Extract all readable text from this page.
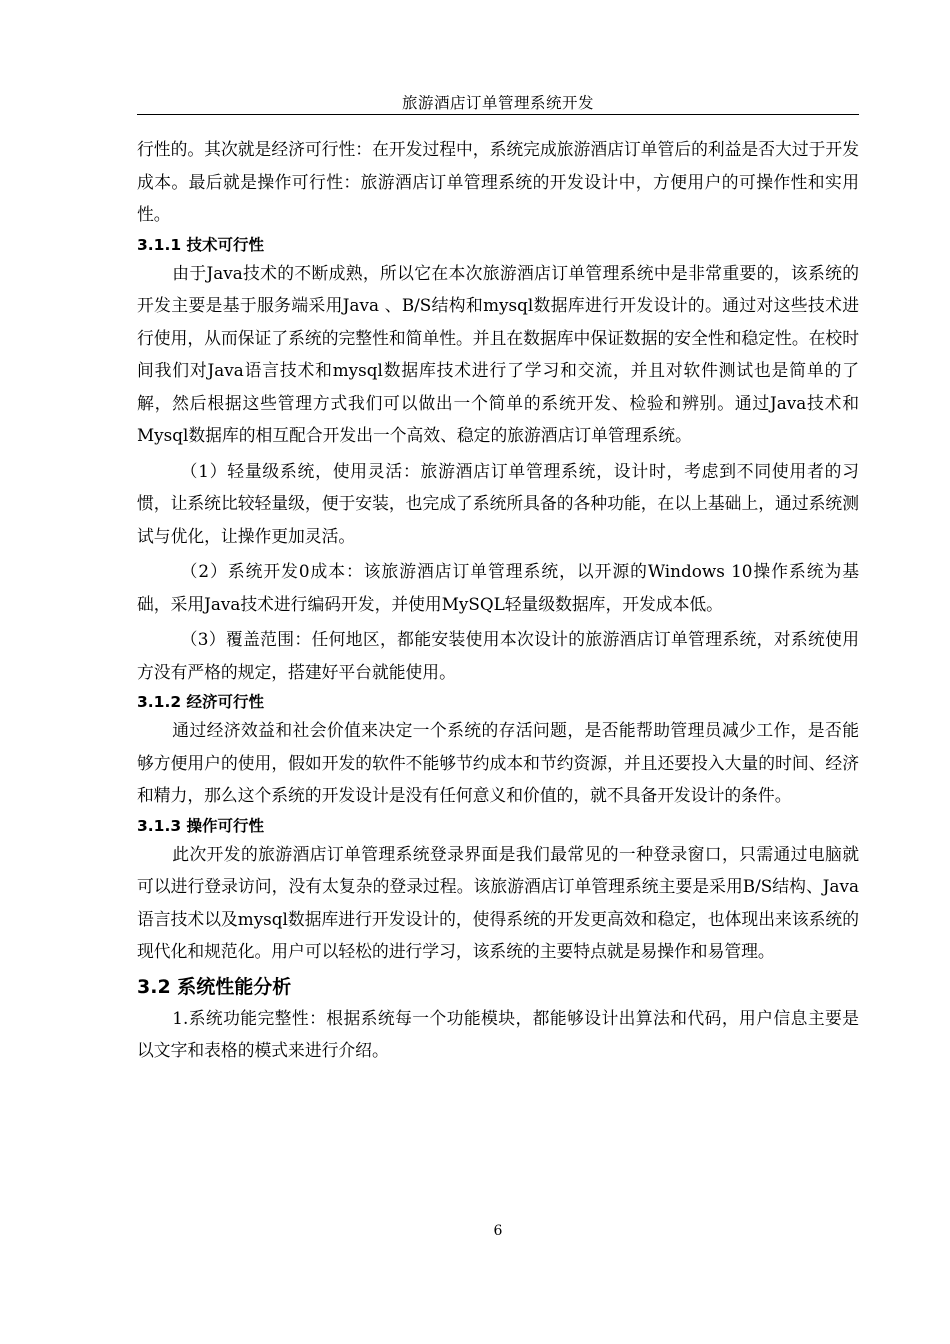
旅游酒店订单管理系统开发

行性的。其次就是经济可行性：在开发过程中，系统完成旅游酒店订单管后的利益是否大过于开发成本。最后就是操作可行性：旅游酒店订单管理系统的开发设计中，方便用户的可操作性和实用性。

3.1.1 技术可行性

由于Java技术的不断成熟，所以它在本次旅游酒店订单管理系统中是非常重要的，该系统的开发主要是基于服务端采用Java 、B/S结构和mysql数据库进行开发设计的。通过对这些技术进行使用，从而保证了系统的完整性和简单性。并且在数据库中保证数据的安全性和稳定性。在校时间我们对Java语言技术和mysql数据库技术进行了学习和交流，并且对软件测试也是简单的了解，然后根据这些管理方式我们可以做出一个简单的系统开发、检验和辨别。通过Java技术和Mysql数据库的相互配合开发出一个高效、稳定的旅游酒店订单管理系统。

（1）轻量级系统，使用灵活：旅游酒店订单管理系统，设计时，考虑到不同使用者的习惯，让系统比较轻量级，便于安装，也完成了系统所具备的各种功能，在以上基础上，通过系统测试与优化，让操作更加灵活。

（2）系统开发0成本：该旅游酒店订单管理系统，以开源的Windows 10操作系统为基础，采用Java技术进行编码开发，并使用MySQL轻量级数据库，开发成本低。

（3）覆盖范围：任何地区，都能安装使用本次设计的旅游酒店订单管理系统，对系统使用方没有严格的规定，搭建好平台就能使用。

3.1.2 经济可行性

通过经济效益和社会价值来决定一个系统的存活问题，是否能帮助管理员减少工作，是否能够方便用户的使用，假如开发的软件不能够节约成本和节约资源，并且还要投入大量的时间、经济和精力，那么这个系统的开发设计是没有任何意义和价值的，就不具备开发设计的条件。

3.1.3 操作可行性

此次开发的旅游酒店订单管理系统登录界面是我们最常见的一种登录窗口，只需通过电脑就可以进行登录访问，没有太复杂的登录过程。该旅游酒店订单管理系统主要是采用B/S结构、Java语言技术以及mysql数据库进行开发设计的，使得系统的开发更高效和稳定，也体现出来该系统的现代化和规范化。用户可以轻松的进行学习，该系统的主要特点就是易操作和易管理。

3.2 系统性能分析

1.系统功能完整性：根据系统每一个功能模块，都能够设计出算法和代码，用户信息主要是以文字和表格的模式来进行介绍。

6
